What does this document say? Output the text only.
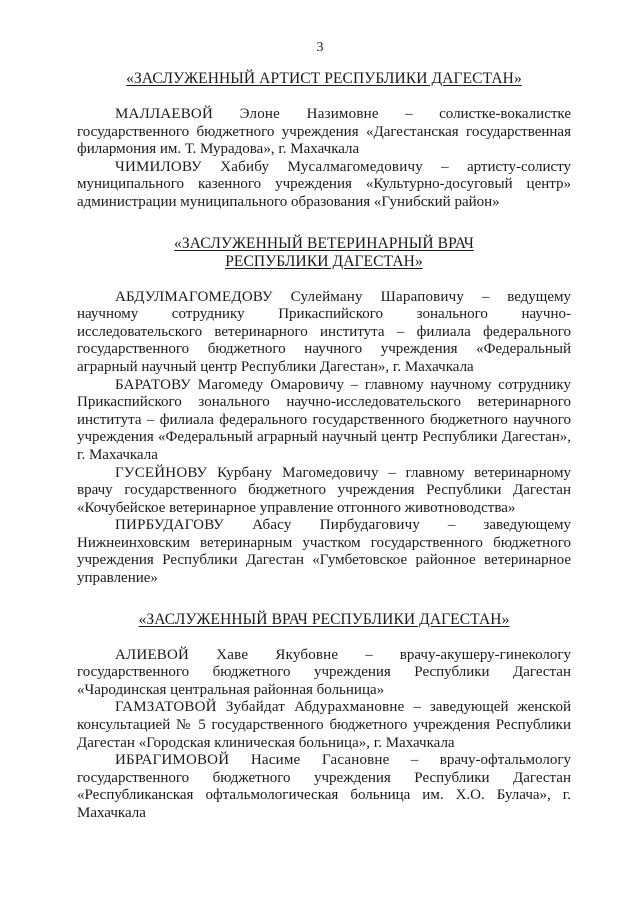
3
«ЗАСЛУЖЕННЫЙ АРТИСТ РЕСПУБЛИКИ ДАГЕСТАН»

МАЛЛАЕВОЙ Элоне Назимовне – солистке-вокалистке государственного бюджетного учреждения «Дагестанская государственная филармония им. Т. Мурадова», г. Махачкала

ЧИМИЛОВУ Хабибу Мусалмагомедовичу – артисту-солисту муниципального казенного учреждения «Культурно-досуговый центр» администрации муниципального образования «Гунибский район»

«ЗАСЛУЖЕННЫЙ ВЕТЕРИНАРНЫЙ ВРАЧ
РЕСПУБЛИКИ ДАГЕСТАН»

АБДУЛМАГОМЕДОВУ Сулейману Шараповичу – ведущему научному сотруднику Прикаспийского зонального научно-исследовательского ветеринарного института – филиала федерального государственного бюджетного научного учреждения «Федеральный аграрный научный центр Республики Дагестан», г. Махачкала

БАРАТОВУ Магомеду Омаровичу – главному научному сотруднику Прикаспийского зонального научно-исследовательского ветеринарного института – филиала федерального государственного бюджетного научного учреждения «Федеральный аграрный научный центр Республики Дагестан», г. Махачкала

ГУСЕЙНОВУ Курбану Магомедовичу – главному ветеринарному врачу государственного бюджетного учреждения Республики Дагестан «Кочубейское ветеринарное управление отгонного животноводства»

ПИРБУДАГОВУ Абасу Пирбудаговичу – заведующему Нижнеинховским ветеринарным участком государственного бюджетного учреждения Республики Дагестан «Гумбетовское районное ветеринарное управление»

«ЗАСЛУЖЕННЫЙ ВРАЧ РЕСПУБЛИКИ ДАГЕСТАН»

АЛИЕВОЙ Хаве Якубовне – врачу-акушеру-гинекологу государственного бюджетного учреждения Республики Дагестан «Чародинская центральная районная больница»

ГАМЗАТОВОЙ Зубайдат Абдурахмановне – заведующей женской консультацией № 5 государственного бюджетного учреждения Республики Дагестан «Городская клиническая больница», г. Махачкала

ИБРАГИМОВОЙ Насиме Гасановне – врачу-офтальмологу государственного бюджетного учреждения Республики Дагестан «Республиканская офтальмологическая больница им. Х.О. Булача», г. Махачкала
